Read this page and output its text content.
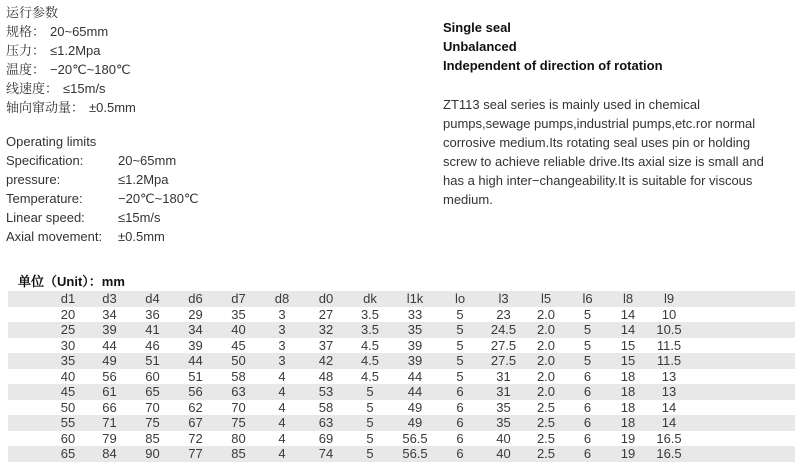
运行参数
规格： 20~65mm
压力： ≤1.2Mpa
温度： −20℃~180℃
线速度： ≤15m/s
轴向窜动量： ±0.5mm
Operating limits
Specification:	20~65mm
pressure:	≤1.2Mpa
Temperature:	−20℃~180℃
Linear speed:	≤15m/s
Axial movement: ±0.5mm
Single seal
Unbalanced
Independent of direction of rotation

ZT113 seal series is mainly used in chemical pumps,sewage pumps,industrial pumps,etc.ror normal corrosive medium.Its rotating seal uses pin or holding screw to achieve reliable drive.Its axial size is small and has a high inter−changeability.It is suitable for viscous medium.

单位（Unit）：mm
	d1	d3	d4	d6	d7	d8	d0	dk	l1k	lo	l3	l5	l6	l8	l9	
	20	34	36	29	35	3	27	3.5	33	5	23	2.0	5	14	10	
	25	39	41	34	40	3	32	3.5	35	5	24.5	2.0	5	14	10.5	
	30	44	46	39	45	3	37	4.5	39	5	27.5	2.0	5	15	11.5	
	35	49	51	44	50	3	42	4.5	39	5	27.5	2.0	5	15	11.5	
	40	56	60	51	58	4	48	4.5	44	5	31	2.0	6	18	13	
	45	61	65	56	63	4	53	5	44	6	31	2.0	6	18	13	
	50	66	70	62	70	4	58	5	49	6	35	2.5	6	18	14	
	55	71	75	67	75	4	63	5	49	6	35	2.5	6	18	14	
	60	79	85	72	80	4	69	5	56.5	6	40	2.5	6	19	16.5	
	65	84	90	77	85	4	74	5	56.5	6	40	2.5	6	19	16.5	
